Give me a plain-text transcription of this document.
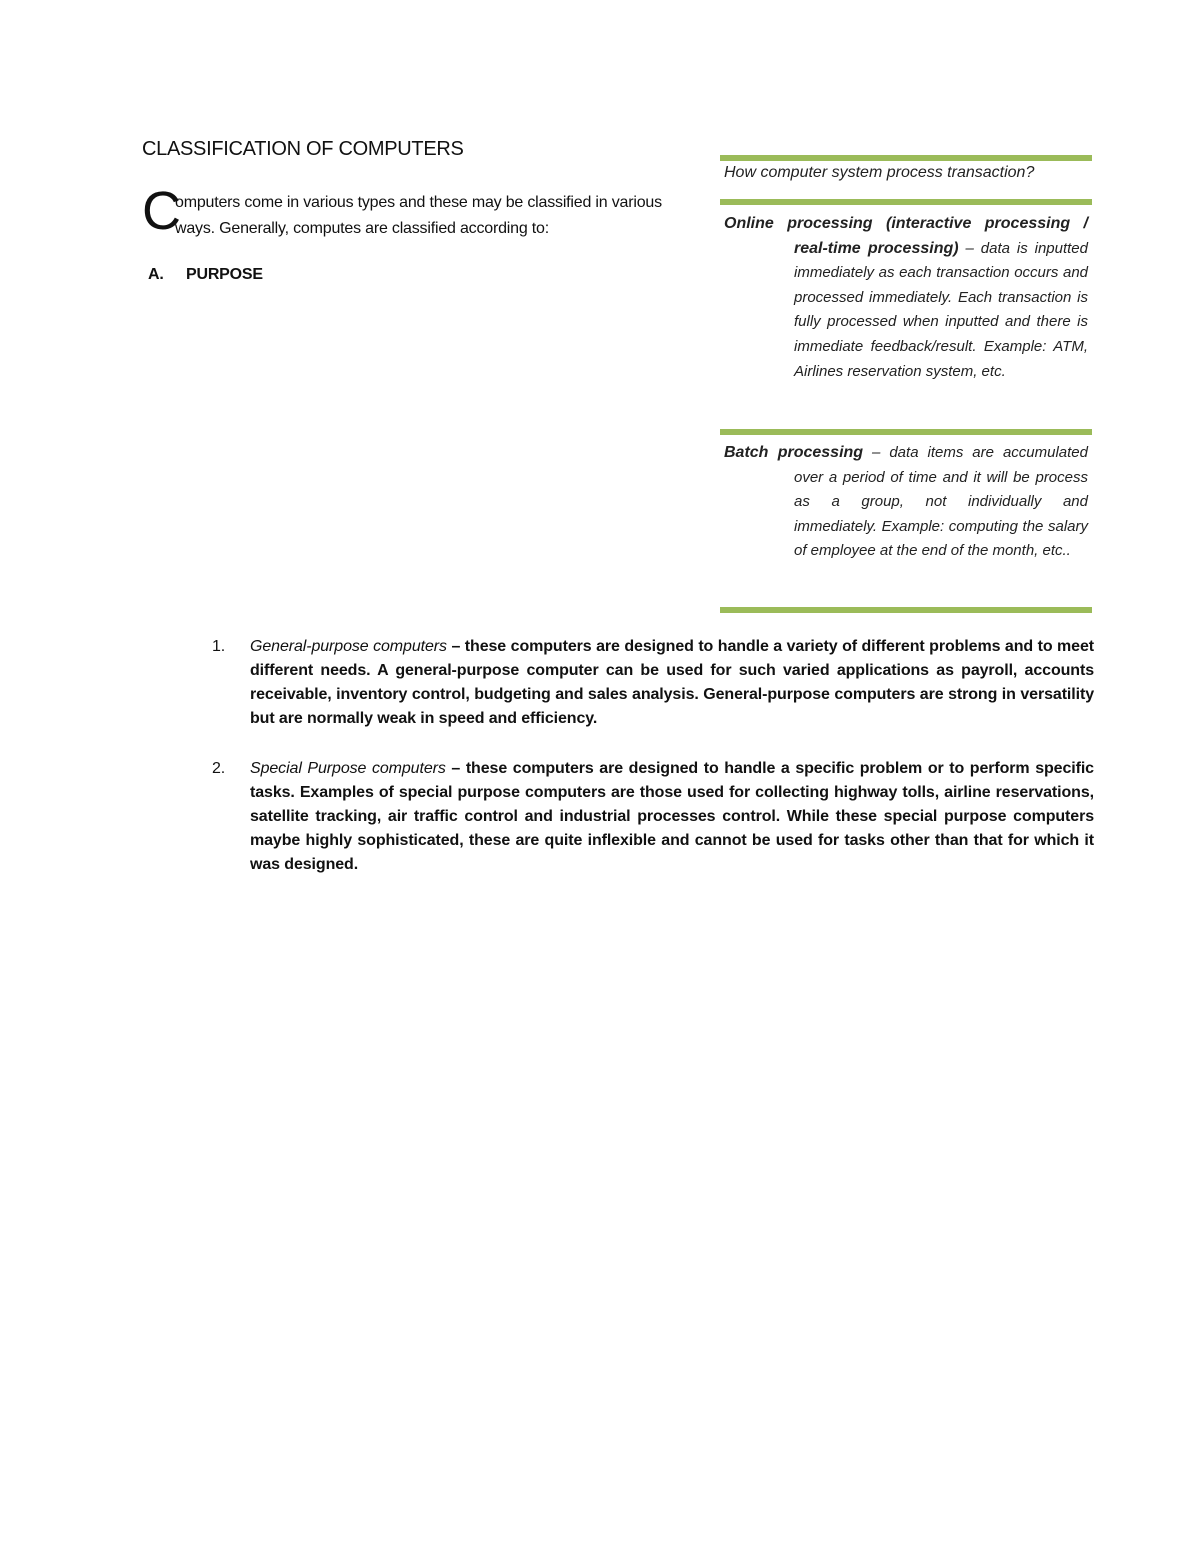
CLASSIFICATION OF COMPUTERS
C
omputers come in various types and these may be classified in various ways. Generally, computes are classified according to:
A. PURPOSE
How computer system process transaction?
Online processing (interactive processing /
real-time processing) – data is inputted immediately as each transaction occurs and processed immediately. Each transaction is fully processed when inputted and there is immediate feedback/result. Example: ATM, Airlines reservation system, etc.
Batch processing – data items are accumulated
over a period of time and it will be process as a group, not individually and immediately. Example: computing the salary of employee at the end of the month, etc..
1. General-purpose computers – these computers are designed to handle a variety of different problems and to meet different needs. A general-purpose computer can be used for such varied applications as payroll, accounts receivable, inventory control, budgeting and sales analysis. General-purpose computers are strong in versatility but are normally weak in speed and efficiency.
2. Special Purpose computers – these computers are designed to handle a specific problem or to perform specific tasks. Examples of special purpose computers are those used for collecting highway tolls, airline reservations, satellite tracking, air traffic control and industrial processes control. While these special purpose computers maybe highly sophisticated, these are quite inflexible and cannot be used for tasks other than that for which it was designed.
